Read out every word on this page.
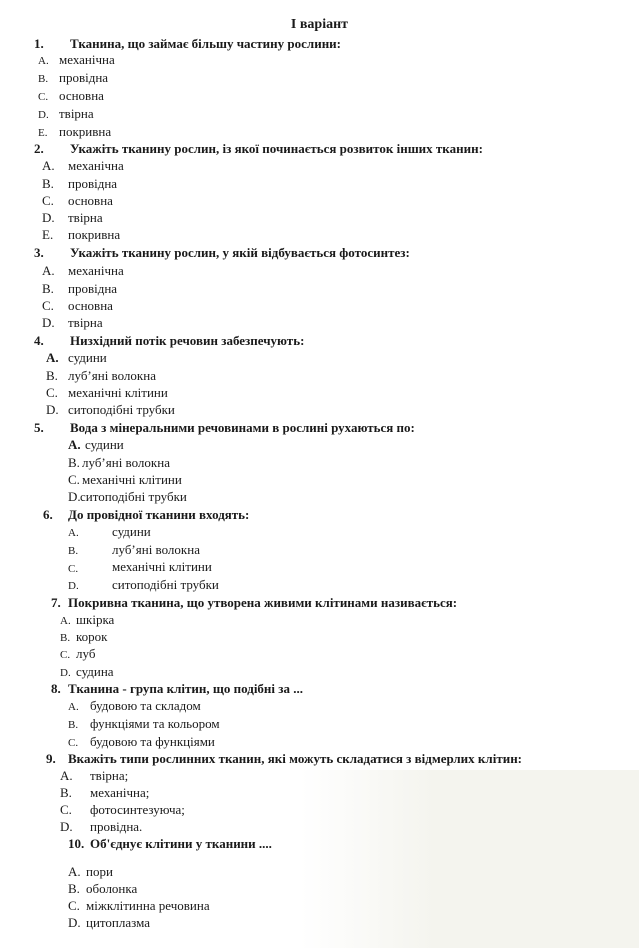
І варіант
1. Тканина, що займає більшу частину рослини:
A. механічна
B. провідна
C. основна
D. твірна
E. покривна
2. Укажіть тканину рослин, із якої починається розвиток інших тканин:
A. механічна
B. провідна
C. основна
D. твірна
E. покривна
3. Укажіть тканину рослин, у якій відбувається фотосинтез:
A. механічна
B. провідна
C. основна
D. твірна
4. Низхідний потік речовин забезпечують:
A. судини
B. луб’яні волокна
C. механічні клітини
D. ситоподібні трубки
5. Вода з мінеральними речовинами в рослині рухаються по:
A. судини
B. луб’яні волокна
C. механічні клітини
D. ситоподібні трубки
6. До провідної тканини входять:
A.	судини
B.	луб’яні волокна
C.	механічні клітини
D.	ситоподібні трубки
7. Покривна тканина, що утворена живими клітинами називається:
A. шкірка
B. корок
C. луб
D. судина
8. Тканина - група клітин, що подібні за ...
A. будовою та складом
B. функціями та кольором
C. будовою та функціями
9. Вкажіть типи рослинних тканин, які можуть складатися з відмерлих клітин:
A. твірна;
B. механічна;
C. фотосинтезуюча;
D. провідна.
10. Об'єднує клітини у тканини ....
A. пори
B. оболонка
C. міжклітинна речовина
D. цитоплазма
